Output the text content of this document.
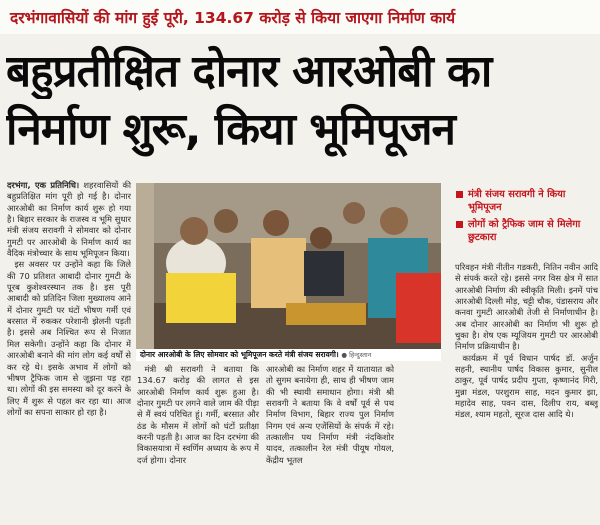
दरभंगावासियों की मांग हुई पूरी, 134.67 करोड़ से किया जाएगा निर्माण कार्य
बहुप्रतीक्षित दोनार आरओबी का
निर्माण शुरू, किया भूमिपूजन

दरभंगा, एक प्रतिनिधि। शहरवासियों की बहुप्रतिक्षित मांग पूरी हो गई है। दोनार आरओबी का निर्माण कार्य शुरू हो गया है। बिहार सरकार के राजस्व व भूमि सुधार मंत्री संजय सरावगी ने सोमवार को दोनार गुमटी पर आरओबी के निर्माण कार्य का वैदिक मंत्रोच्चार के साथ भूमिपूजन किया।

इस अवसर पर उन्होंने कहा कि जिले की 70 प्रतिशत आबादी दोनार गुमटी के पूरब कुशेश्वरस्थान तक है। इस पूरी आबादी को प्रतिदिन जिला मुख्यालय आने में दोनार गुमटी पर घंटों भीषण गर्मी एवं बरसात में रुककर परेशानी झेलनी पड़ती है। इससे अब निश्चित रूप से निजात मिल सकेगी। उन्होंने कहा कि दोनार में आरओबी बनाने की मांग लोग कई वर्षों से कर रहे थे। इसके अभाव में लोगों को भीषण ट्रैफिक जाम से जूझना पड़ रहा था। लोगों की इस समस्या को दूर करने के लिए मैं शुरू से पहल कर रहा था। आज लोगों का सपना साकार हो रहा है।

दोनार आरओबी के लिए सोमवार को भूमिपूजन करते मंत्री संजय सरावगी। ● हिन्दुस्तान
मंत्री संजय सरावगी ने किया भूमिपूजन
लोगों को ट्रैफिक जाम से मिलेगा छुटकारा

मंत्री श्री सरावगी ने बताया कि 134.67 करोड़ की लागत से इस आरओबी निर्माण कार्य शुरू हुआ है। दोनार गुमटी पर लगने वाले जाम की पीड़ा से मैं स्वयं परिचित हूं। गर्मी, बरसात और ठंड के मौसम में लोगों को घंटों प्रतीक्षा करनी पड़ती है। आज का दिन दरभंगा की विकासयात्रा में स्वर्णिम अध्याय के रूप में दर्ज होगा। दोनार

आरओबी का निर्माण शहर में यातायात को तो सुगम बनायेगा ही, साथ ही भीषण जाम की भी स्थायी समाधान होगा। मंत्री श्री सरावगी ने बताया कि वे वर्षों पूर्व से पथ निर्माण विभाग, बिहार राज्य पुल निर्माण निगम एवं अन्य एजेंसियों के संपर्क में रहे। तत्कालीन पथ निर्माण मंत्री नंदकिशोर यादव, तत्कालीन रेल मंत्री पीयूष गोयल, केंद्रीय भूतल

परिवहन मंत्री नीतीन गडकरी, नितिन नवीन आदि से संपर्क करते रहे। इससे नगर विस क्षेत्र में सात आरओबी निर्माण की स्वीकृति मिली। इनमें पांच आरओबी दिल्ली मोड़, चट्टी चौक, पंडासराय और कनवा गुमटी आरओबी तेजी से निर्माणाधीन है। अब दोनार आरओबी का निर्माण भी शुरू हो चुका है। शेष एक म्यूजियम गुमटी पर आरओबी निर्माण प्रक्रियाधीन है।

कार्यक्रम में पूर्व विधान पार्षद डॉ. अर्जुन सहनी, स्थानीय पार्षद विकास कुमार, सुनील ठाकुर, पूर्व पार्षद प्रदीप गुप्ता, कृष्णानंद गिरी, मुन्ना मंडल, परशुराम साह, मदन कुमार झा, महादेव साह, पवन दास, दिलीप राय, बब्लू मंडल, श्याम महतो, सूरज दास आदि थे।
